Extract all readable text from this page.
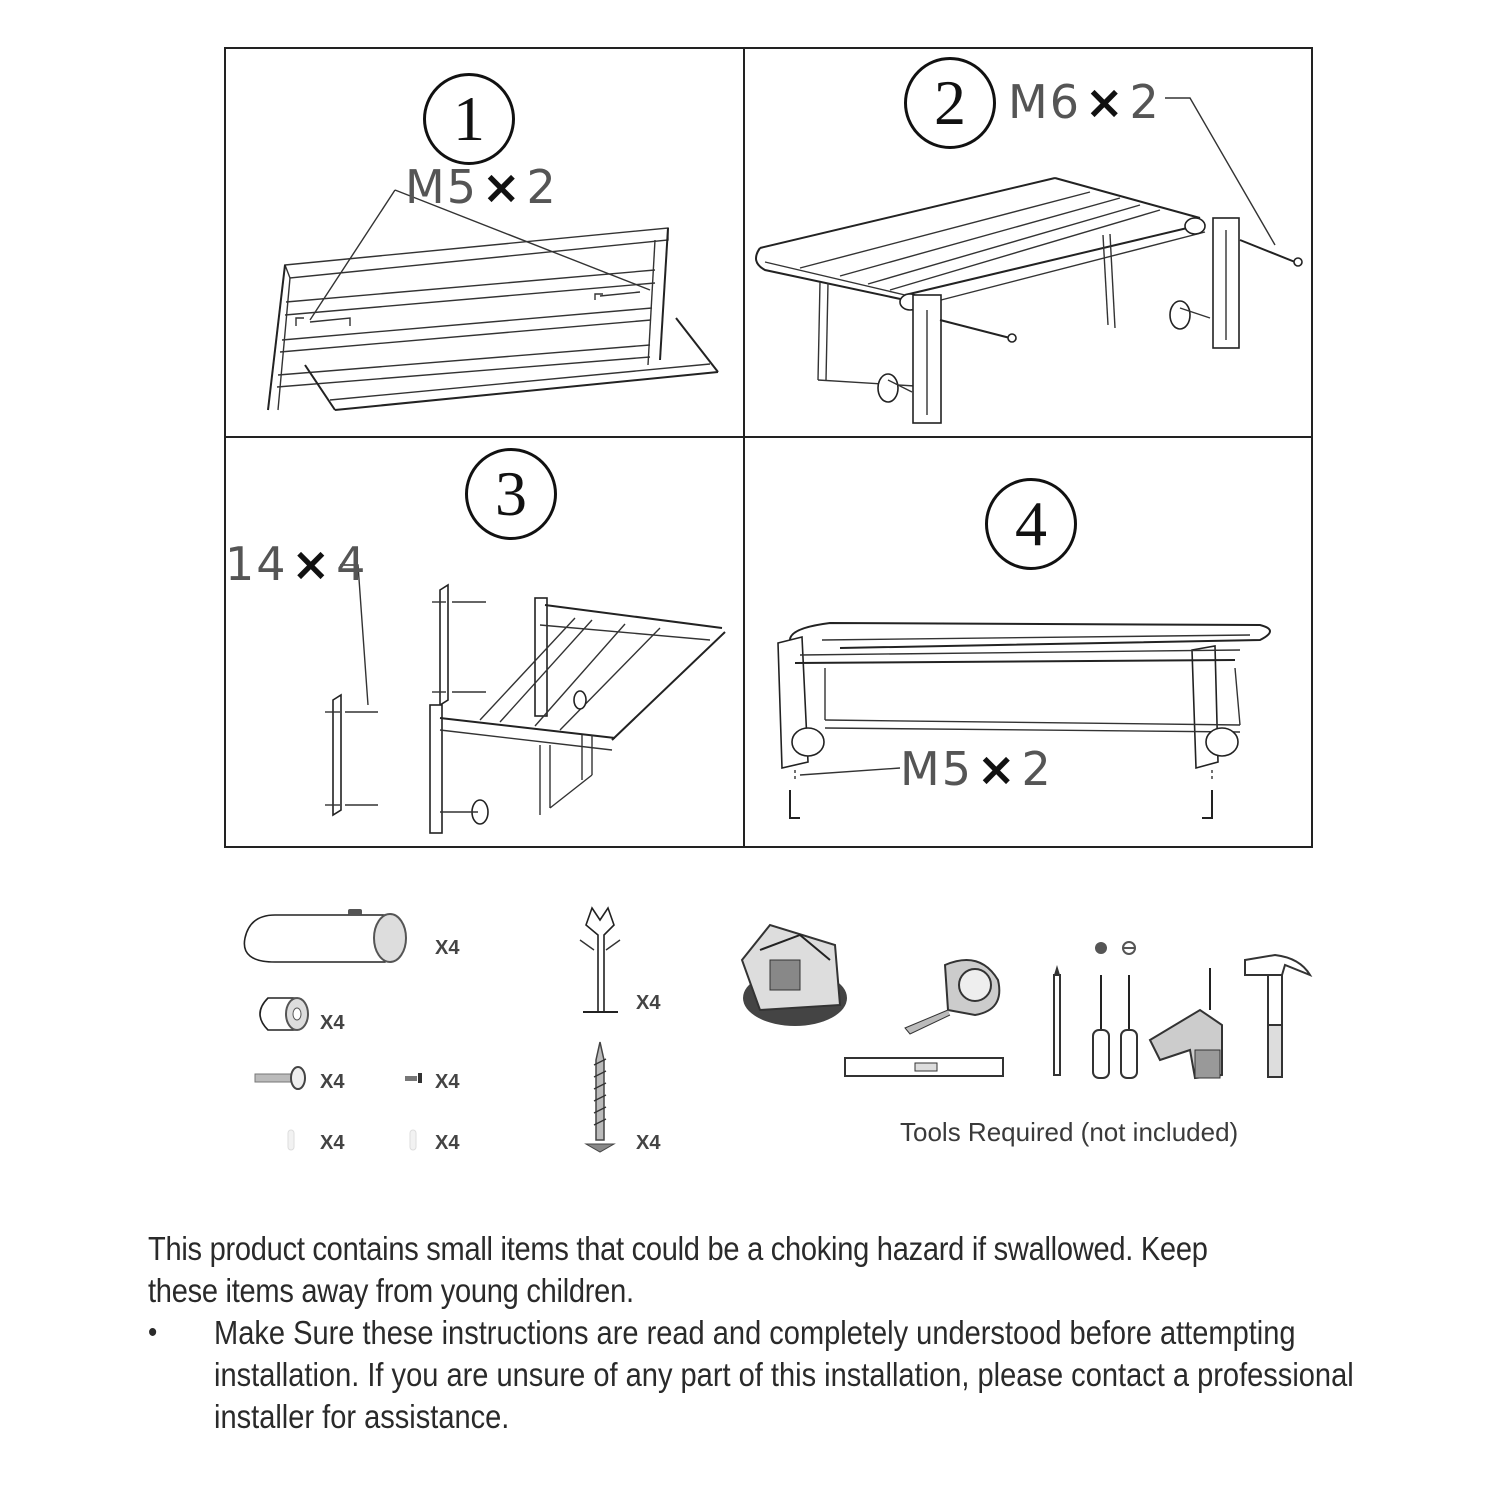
1
M5×2
2 M6×2
3
14×4
4
M5×2
X4
X4
X4	X4
X4	X4
X4
X4	Tools Required (not included)
This product contains small items that could be a choking hazard if swallowed. Keep these items away from young children.
• Make Sure these instructions are read and completely understood before attempting installation. If you are unsure of any part of this installation, please contact a professional installer for assistance.
